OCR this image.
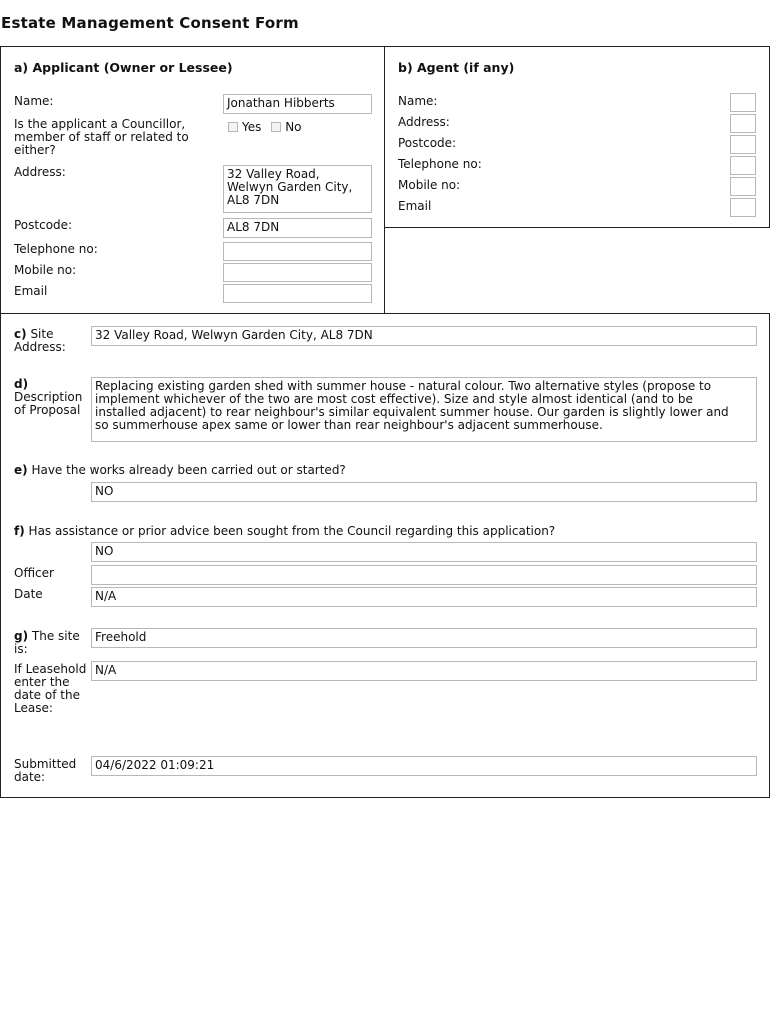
Estate Management Consent Form
a) Applicant (Owner or Lessee)
Name:	Jonathan Hibberts
Is the applicant a Councillor, member of staff or related to either?
Yes No
Address:	32 Valley Road, Welwyn Garden City, AL8 7DN
Postcode:	AL8 7DN
Telephone no:
Mobile no:
Email
b) Agent (if any)
Name:
Address:
Postcode:
Telephone no:
Mobile no:
Email
c) Site Address:
32 Valley Road, Welwyn Garden City, AL8 7DN
d)
Description of Proposal
Replacing existing garden shed with summer house - natural colour. Two alternative styles (propose to implement whichever of the two are most cost effective). Size and style almost identical (and to be installed adjacent) to rear neighbour's similar equivalent summer house. Our garden is slightly lower and so summerhouse apex same or lower than rear neighbour's adjacent summerhouse.
e) Have the works already been carried out or started?
NO
f) Has assistance or prior advice been sought from the Council regarding this application?
NO
Officer
Date	N/A
g) The site is:
Freehold
If Leasehold enter the date of the Lease:
N/A
Submitted date:
04/6/2022 01:09:21
